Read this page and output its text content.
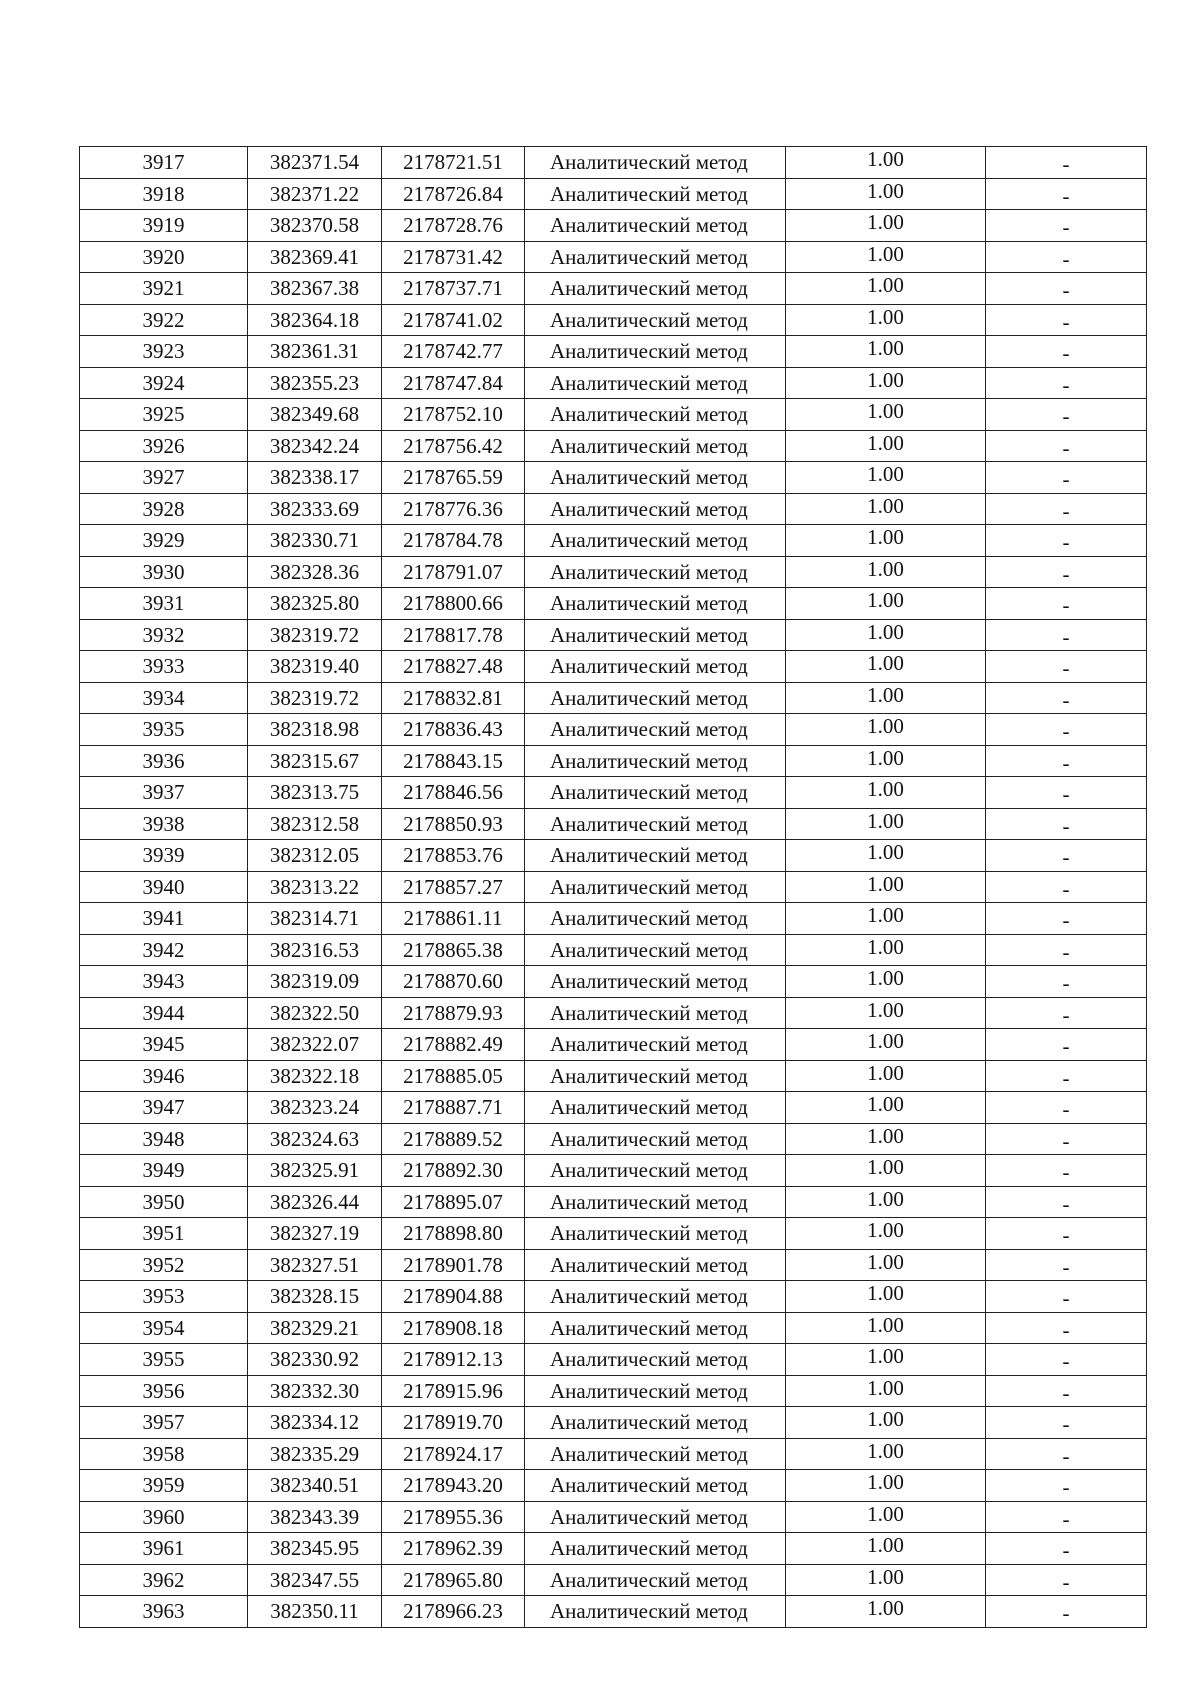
3917	382371.54	2178721.51	Аналитический метод	1.00	-
3918	382371.22	2178726.84	Аналитический метод	1.00	-
3919	382370.58	2178728.76	Аналитический метод	1.00	-
3920	382369.41	2178731.42	Аналитический метод	1.00	-
3921	382367.38	2178737.71	Аналитический метод	1.00	-
3922	382364.18	2178741.02	Аналитический метод	1.00	-
3923	382361.31	2178742.77	Аналитический метод	1.00	-
3924	382355.23	2178747.84	Аналитический метод	1.00	-
3925	382349.68	2178752.10	Аналитический метод	1.00	-
3926	382342.24	2178756.42	Аналитический метод	1.00	-
3927	382338.17	2178765.59	Аналитический метод	1.00	-
3928	382333.69	2178776.36	Аналитический метод	1.00	-
3929	382330.71	2178784.78	Аналитический метод	1.00	-
3930	382328.36	2178791.07	Аналитический метод	1.00	-
3931	382325.80	2178800.66	Аналитический метод	1.00	-
3932	382319.72	2178817.78	Аналитический метод	1.00	-
3933	382319.40	2178827.48	Аналитический метод	1.00	-
3934	382319.72	2178832.81	Аналитический метод	1.00	-
3935	382318.98	2178836.43	Аналитический метод	1.00	-
3936	382315.67	2178843.15	Аналитический метод	1.00	-
3937	382313.75	2178846.56	Аналитический метод	1.00	-
3938	382312.58	2178850.93	Аналитический метод	1.00	-
3939	382312.05	2178853.76	Аналитический метод	1.00	-
3940	382313.22	2178857.27	Аналитический метод	1.00	-
3941	382314.71	2178861.11	Аналитический метод	1.00	-
3942	382316.53	2178865.38	Аналитический метод	1.00	-
3943	382319.09	2178870.60	Аналитический метод	1.00	-
3944	382322.50	2178879.93	Аналитический метод	1.00	-
3945	382322.07	2178882.49	Аналитический метод	1.00	-
3946	382322.18	2178885.05	Аналитический метод	1.00	-
3947	382323.24	2178887.71	Аналитический метод	1.00	-
3948	382324.63	2178889.52	Аналитический метод	1.00	-
3949	382325.91	2178892.30	Аналитический метод	1.00	-
3950	382326.44	2178895.07	Аналитический метод	1.00	-
3951	382327.19	2178898.80	Аналитический метод	1.00	-
3952	382327.51	2178901.78	Аналитический метод	1.00	-
3953	382328.15	2178904.88	Аналитический метод	1.00	-
3954	382329.21	2178908.18	Аналитический метод	1.00	-
3955	382330.92	2178912.13	Аналитический метод	1.00	-
3956	382332.30	2178915.96	Аналитический метод	1.00	-
3957	382334.12	2178919.70	Аналитический метод	1.00	-
3958	382335.29	2178924.17	Аналитический метод	1.00	-
3959	382340.51	2178943.20	Аналитический метод	1.00	-
3960	382343.39	2178955.36	Аналитический метод	1.00	-
3961	382345.95	2178962.39	Аналитический метод	1.00	-
3962	382347.55	2178965.80	Аналитический метод	1.00	-
3963	382350.11	2178966.23	Аналитический метод	1.00	-
